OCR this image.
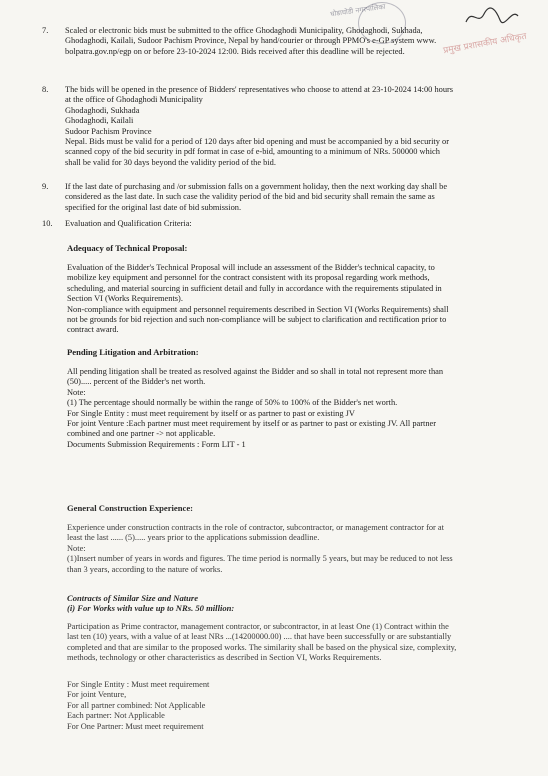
घोडाघोडी नगरपालिका
प्रमुख प्रशासकीय अधिकृत
7. Scaled or electronic bids must be submitted to the office Ghodaghodi Municipality, Ghodaghodi, Sukhada,

Ghodaghodi, Kailali, Sudoor Pachism Province, Nepal by hand/courier or through PPMO's e-GP system www.

bolpatra.gov.np/egp on or before 23-10-2024 12:00. Bids received after this deadline will be rejected.

8. The bids will be opened in the presence of Bidders' representatives who choose to attend at 23-10-2024 14:00 hours

at the office of Ghodaghodi Municipality

Ghodaghodi, Sukhada

Ghodaghodi, Kailali

Sudoor Pachism Province

Nepal. Bids must be valid for a period of 120 days after bid opening and must be accompanied by a bid security or

scanned copy of the bid security in pdf format in case of e-bid, amounting to a minimum of NRs. 500000 which

shall be valid for 30 days beyond the validity period of the bid.

9. If the last date of purchasing and /or submission falls on a government holiday, then the next working day shall be

considered as the last date. In such case the validity period of the bid and bid security shall remain the same as

specified for the original last date of bid submission.

10. Evaluation and Qualification Criteria:

Adequacy of Technical Proposal:

Evaluation of the Bidder's Technical Proposal will include an assessment of the Bidder's technical capacity, to

mobilize key equipment and personnel for the contract consistent with its proposal regarding work methods,

scheduling, and material sourcing in sufficient detail and fully in accordance with the requirements stipulated in

Section VI (Works Requirements).

Non-compliance with equipment and personnel requirements described in Section VI (Works Requirements) shall

not be grounds for bid rejection and such non-compliance will be subject to clarification and rectification prior to

contract award.

Pending Litigation and Arbitration:

All pending litigation shall be treated as resolved against the Bidder and so shall in total not represent more than

(50)..... percent of the Bidder's net worth.

Note:

(1) The percentage should normally be within the range of 50% to 100% of the Bidder's net worth.

For Single Entity : must meet requirement by itself or as partner to past or existing JV

For joint Venture :Each partner must meet requirement by itself or as partner to past or existing JV. All partner

combined and one partner -> not applicable.

Documents Submission Requirements : Form LIT - 1

General Construction Experience:

Experience under construction contracts in the role of contractor, subcontractor, or management contractor for at

least the last ...... (5)..... years prior to the applications submission deadline.

Note:

(1)Insert number of years in words and figures. The time period is normally 5 years, but may be reduced to not less

than 3 years, according to the nature of works.

Contracts of Similar Size and Nature

(i) For Works with value up to NRs. 50 million:

Participation as Prime contractor, management contractor, or subcontractor, in at least One (1) Contract within the

last ten (10) years, with a value of at least NRs ...(14200000.00) .... that have been successfully or are substantially

completed and that are similar to the proposed works. The similarity shall be based on the physical size, complexity,

methods, technology or other characteristics as described in Section VI, Works Requirements.

For Single Entity : Must meet requirement

For joint Venture,

For all partner combined: Not Applicable

Each partner: Not Applicable

For One Partner: Must meet requirement
